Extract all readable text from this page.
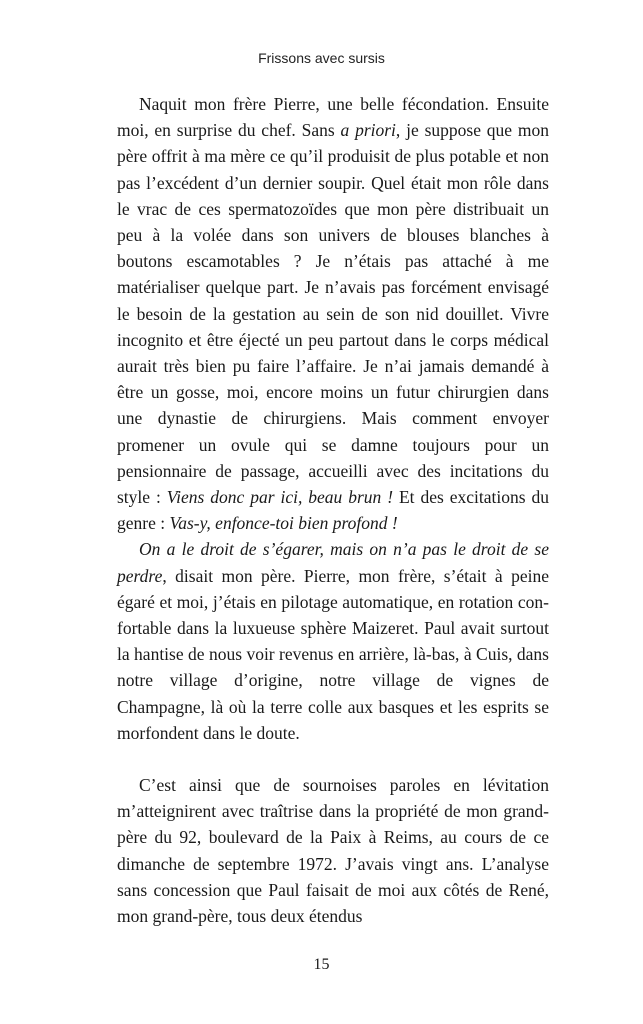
Frissons avec sursis

Naquit mon frère Pierre, une belle fécondation. Ensuite moi, en surprise du chef. Sans a priori, je suppose que mon père offrit à ma mère ce qu’il produisit de plus potable et non pas l’excédent d’un dernier soupir. Quel était mon rôle dans le vrac de ces spermatozoïdes que mon père distribuait un peu à la volée dans son univers de blouses blanches à boutons escamotables ? Je n’étais pas attaché à me matérialiser quelque part. Je n’avais pas forcément envisagé le besoin de la gestation au sein de son nid douillet. Vivre incognito et être éjecté un peu partout dans le corps médical aurait très bien pu faire l’affaire. Je n’ai jamais demandé à être un gosse, moi, encore moins un futur chirurgien dans une dynastie de chirurgiens. Mais comment envoyer promener un ovule qui se damne toujours pour un pensionnaire de passage, accueilli avec des incitations du style : Viens donc par ici, beau brun ! Et des excitations du genre : Vas-y, enfonce-toi bien profond !

On a le droit de s’égarer, mais on n’a pas le droit de se perdre, disait mon père. Pierre, mon frère, s’était à peine égaré et moi, j’étais en pilotage automatique, en rotation confortable dans la luxueuse sphère Maizeret. Paul avait surtout la hantise de nous voir revenus en arrière, là-bas, à Cuis, dans notre village d’origine, notre village de vignes de Champagne, là où la terre colle aux basques et les esprits se morfondent dans le doute.

C’est ainsi que de sournoises paroles en lévitation m’atteignirent avec traîtrise dans la propriété de mon grand-père du 92, boulevard de la Paix à Reims, au cours de ce dimanche de septembre 1972. J’avais vingt ans. L’analyse sans concession que Paul faisait de moi aux côtés de René, mon grand-père, tous deux étendus

15
